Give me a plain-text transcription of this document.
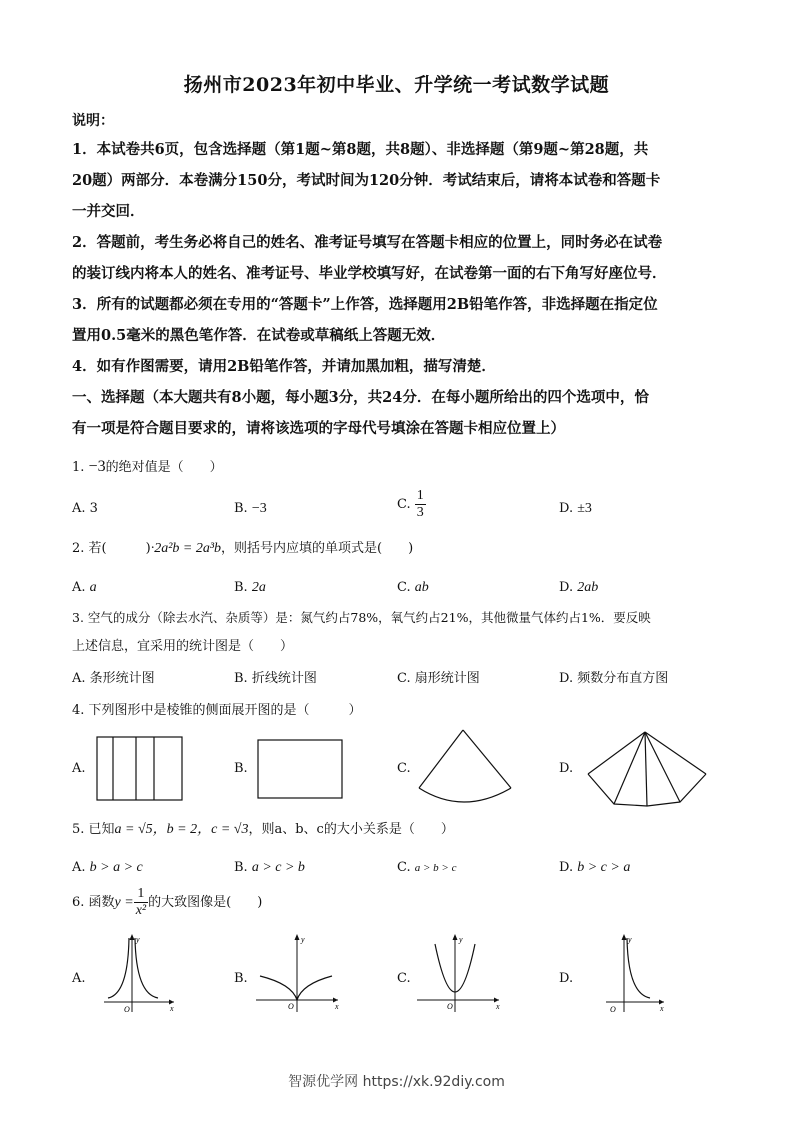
扬州市2023年初中毕业、升学统一考试数学试题
说明：
1．本试卷共6页，包含选择题（第1题~第8题，共8题）、非选择题（第9题~第28题，共
20题）两部分．本卷满分150分，考试时间为120分钟．考试结束后，请将本试卷和答题卡
一并交回．
2．答题前，考生务必将自己的姓名、准考证号填写在答题卡相应的位置上，同时务必在试卷
的装订线内将本人的姓名、准考证号、毕业学校填写好，在试卷第一面的右下角写好座位号．
3．所有的试题都必须在专用的“答题卡”上作答，选择题用2B铅笔作答，非选择题在指定位
置用0.5毫米的黑色笔作答．在试卷或草稿纸上答题无效．
4．如有作图需要，请用2B铅笔作答，并请加黑加粗，描写清楚．
一、选择题（本大题共有8小题，每小题3分，共24分．在每小题所给出的四个选项中，恰
有一项是符合题目要求的，请将该选项的字母代号填涂在答题卡相应位置上）
1. −3的绝对值是（　　）
A. 3	B. −3	C. $\frac{1}{3}$	D. ±3
2. 若(　　　)·2a²b = 2a³b，则括号内应填的单项式是(　　)
A. a	B. 2a	C. ab	D. 2ab
3. 空气的成分（除去水汽、杂质等）是：氮气约占78%，氧气约占21%，其他微量气体约占1%．要反映
上述信息，宜采用的统计图是（　　）
A. 条形统计图	B. 折线统计图	C. 扇形统计图	D. 频数分布直方图
4. 下列图形中是棱锥的侧面展开图的是（　　　）
A.	B.	C.	D.
5. 已知a = √5，b = 2，c = √3，则a、b、c的大小关系是（　　）
A. b > a > c	B. a > c > b	C. a > b > c	D. b > c > a
6. 函数$y = \frac{1}{\text{x²}}$ 的大致图像是(　　)
A.	B.	C.	D.
y
x
O
y
x
O
y
x
O
y
x
O
智源优学网 https://xk.92diy.com
